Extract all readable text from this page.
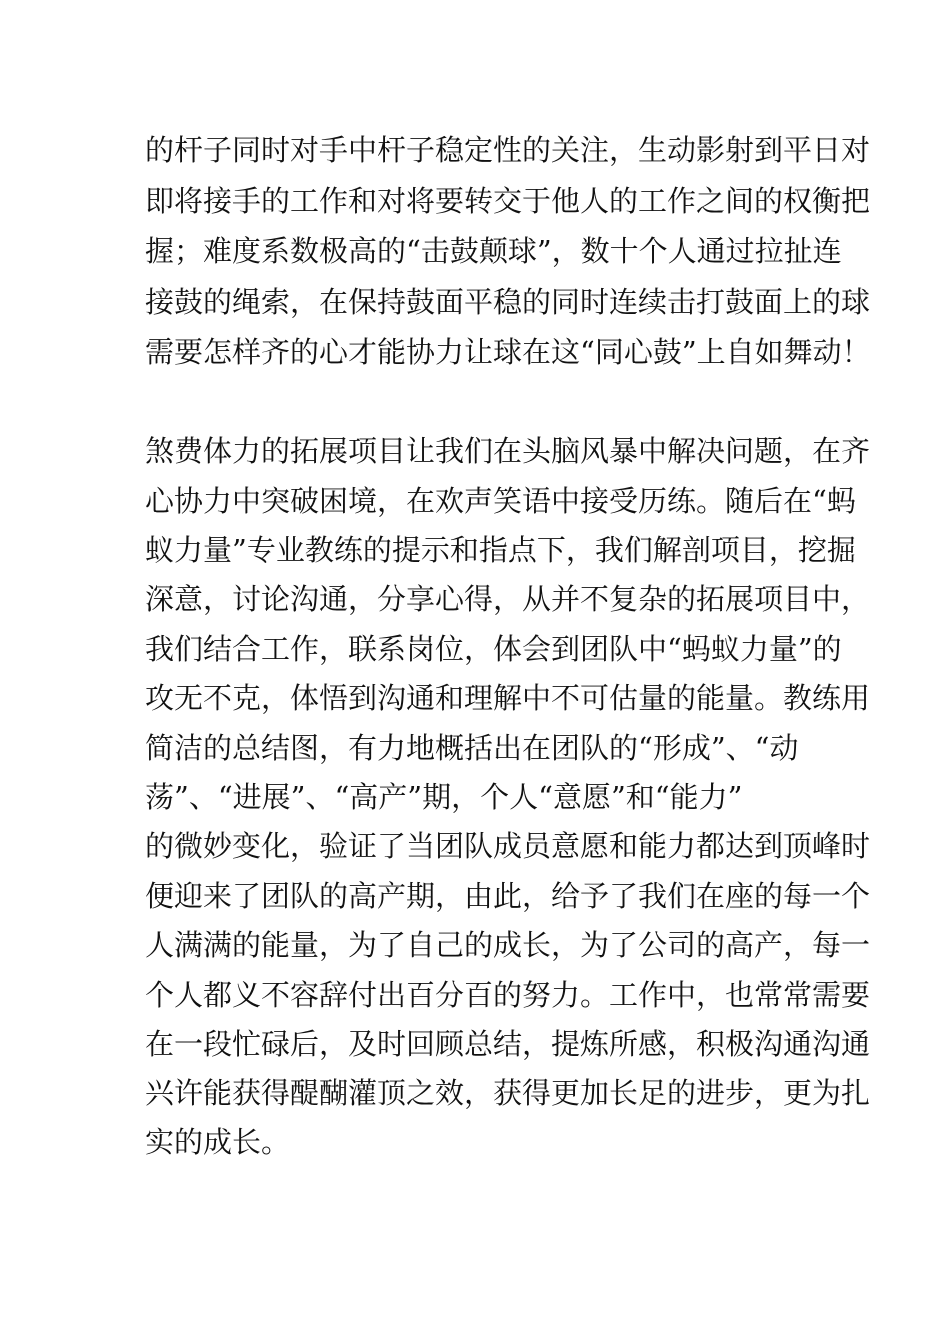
的杆子同时对手中杆子稳定性的关注，生动影射到平日对

即将接手的工作和对将要转交于他人的工作之间的权衡把

握；难度系数极高的“击鼓颠球”，数十个人通过拉扯连

接鼓的绳索，在保持鼓面平稳的同时连续击打鼓面上的球

需要怎样齐的心才能协力让球在这“同心鼓”上自如舞动！

煞费体力的拓展项目让我们在头脑风暴中解决问题，在齐

心协力中突破困境，在欢声笑语中接受历练。随后在“蚂

蚁力量”专业教练的提示和指点下，我们解剖项目，挖掘

深意，讨论沟通，分享心得，从并不复杂的拓展项目中，

我们结合工作，联系岗位，体会到团队中“蚂蚁力量”的

攻无不克，体悟到沟通和理解中不可估量的能量。教练用

简洁的总结图，有力地概括出在团队的“形成”、“动

荡”、“进展”、“高产”期，个人“意愿”和“能力”

的微妙变化，验证了当团队成员意愿和能力都达到顶峰时

便迎来了团队的高产期，由此，给予了我们在座的每一个

人满满的能量，为了自己的成长，为了公司的高产，每一

个人都义不容辞付出百分百的努力。工作中，也常常需要

在一段忙碌后，及时回顾总结，提炼所感，积极沟通沟通

兴许能获得醍醐灌顶之效，获得更加长足的进步，更为扎

实的成长。
